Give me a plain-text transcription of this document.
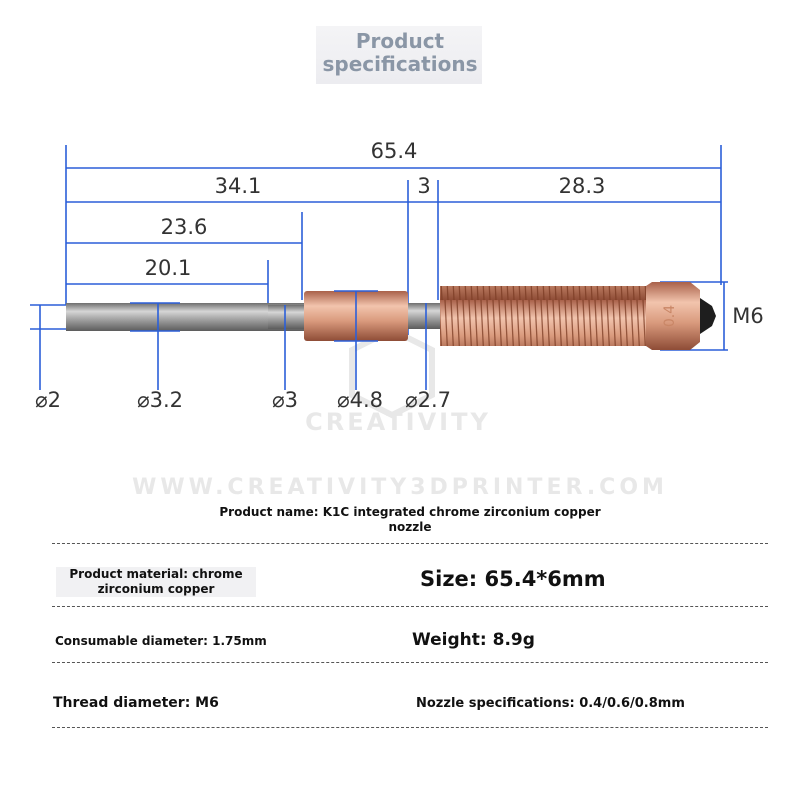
Product specifications
CREATIVITY
WWW.CREATIVITY3DPRINTER.COM
65.4
34.1	3	28.3
23.6
20.1
M6
0.4
⌀2	⌀3.2	⌀3 ⌀4.8 ⌀2.7
Product name: K1C integrated chrome zirconium copper
nozzle
Product material: chrome
zirconium copper	Size: 65.4*6mm
Consumable diameter: 1.75mm	Weight: 8.9g
Thread diameter: M6	Nozzle specifications: 0.4/0.6/0.8mm
